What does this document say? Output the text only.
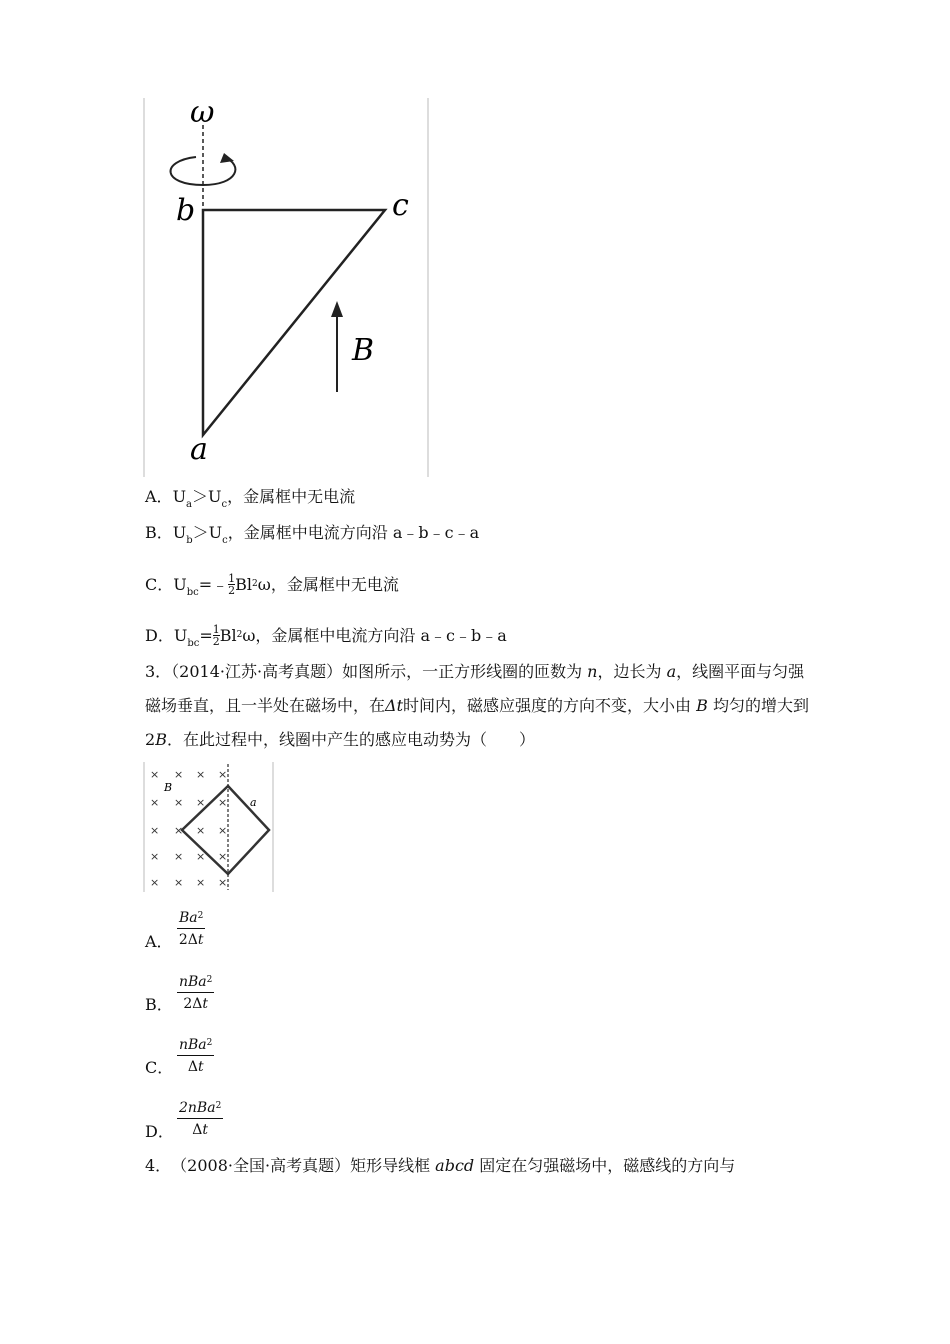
ω
b	c
B
a
A．$U_a>U_c$，金属框中无电流
B．$U_b>U_c$，金属框中电流方向沿 a﹣b﹣c﹣a
C．$U_{bc}=﹣ \frac{1}{2} Bl^2\omega$，金属框中无电流
D．$U_{bc}= \frac{1}{2} Bl^2\omega$，金属框中电流方向沿 a﹣c﹣b﹣a
3．（2014·江苏·高考真题）如图所示，一正方形线圈的匝数为 n，边长为 a，线圈平面与匀强磁场垂直，且一半处在磁场中，在Δt时间内，磁感应强度的方向不变，大小由 B 均匀的增大到 2B．在此过程中，线圈中产生的感应电动势为（　　）
B
a
× × × ×
× × × ×
× × × ×
× × × ×
× × × ×
A． $\frac{Ba^2}{2\Delta t}$
B．
nBa$^2$
2Δt
C．
nBa$^2$
Δt
D．
2nBa$^2$
Δt
4．　（2008·全国·高考真题）矩形导线框 abcd 固定在匀强磁场中，磁感线的方向与
